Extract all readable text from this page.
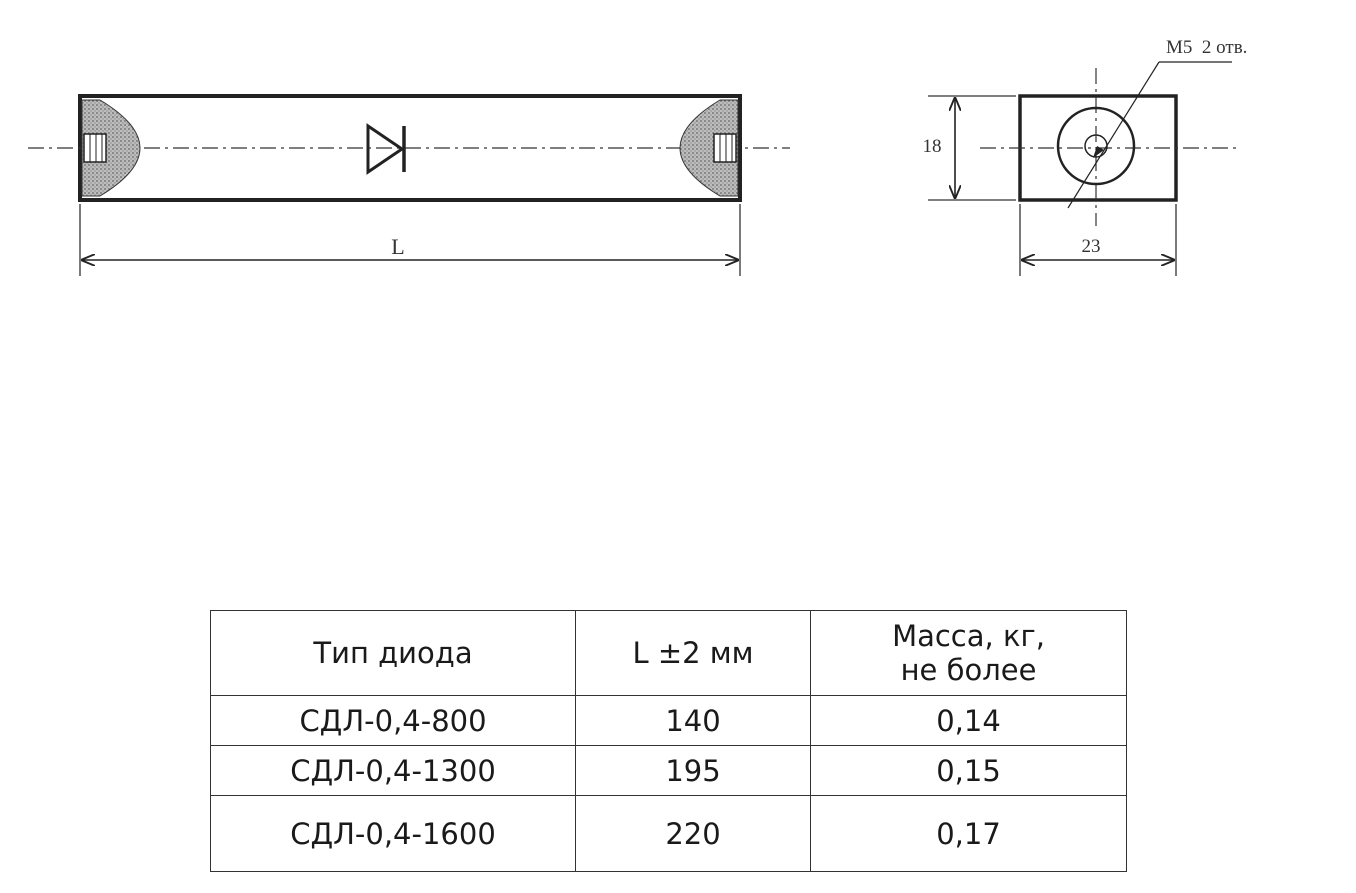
L
М5  2 отв.
18
23
Тип диода	L ±2 мм	Масса, кг, не более
СДЛ-0,4-800	140	0,14
СДЛ-0,4-1300	195	0,15
СДЛ-0,4-1600	220	0,17
